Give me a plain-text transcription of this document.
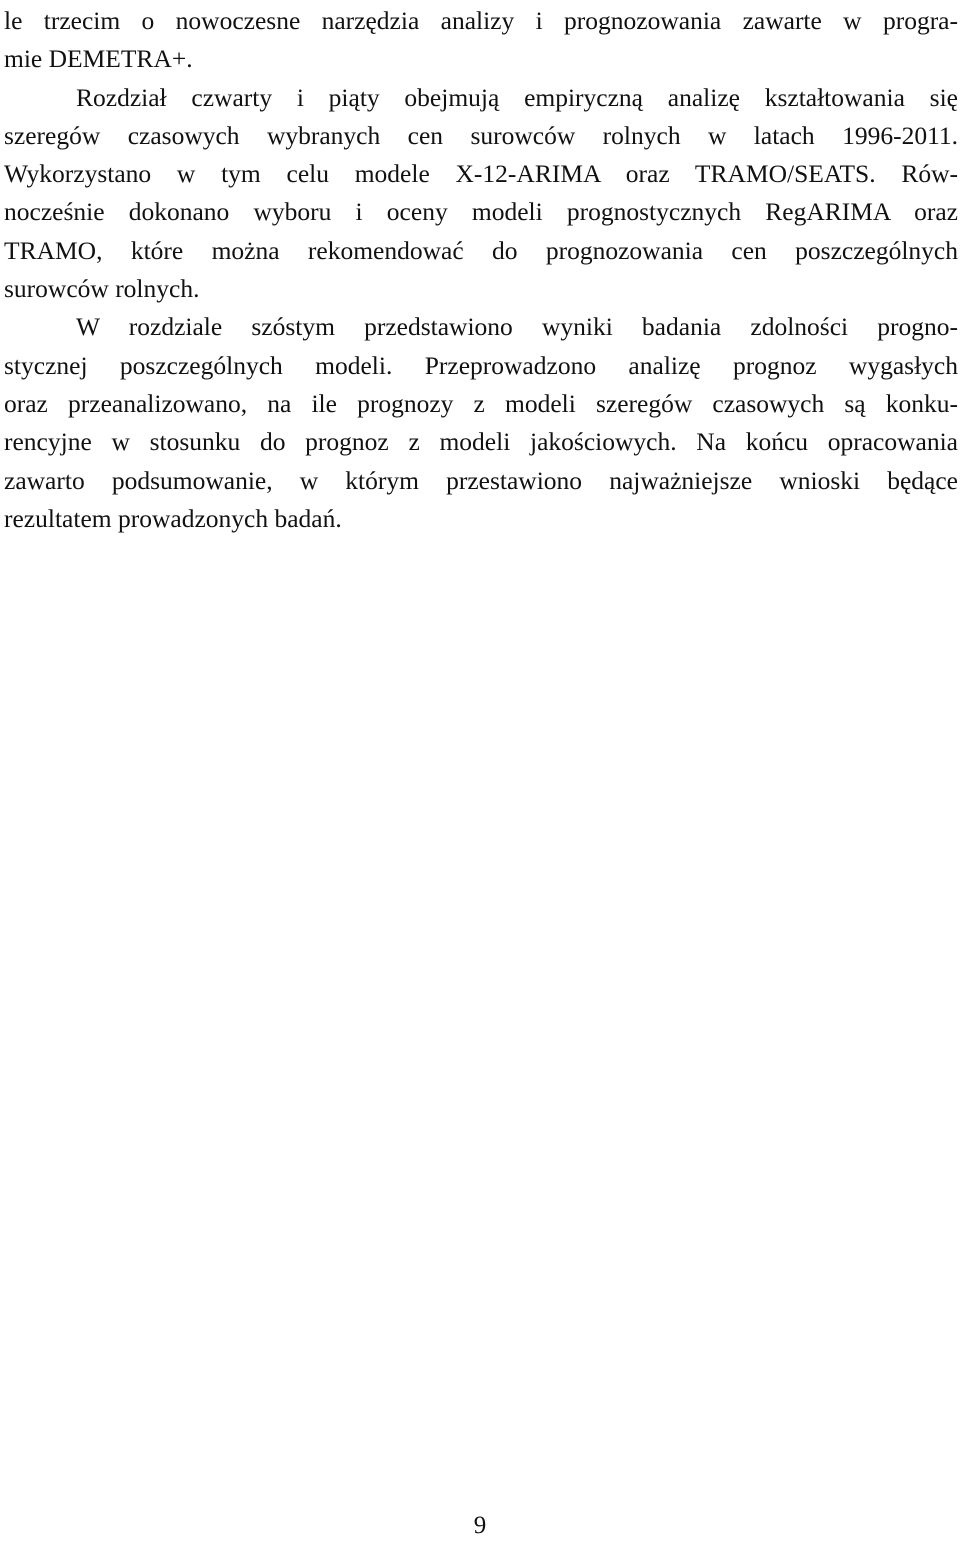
le trzecim o nowoczesne narzędzia analizy i prognozowania zawarte w progra-
mie DEMETRA+.
Rozdział czwarty i piąty obejmują empiryczną analizę kształtowania się
szeregów czasowych wybranych cen surowców rolnych w latach 1996-2011.
Wykorzystano w tym celu modele X-12-ARIMA oraz TRAMO/SEATS. Rów-
nocześnie dokonano wyboru i oceny modeli prognostycznych RegARIMA oraz
TRAMO, które można rekomendować do prognozowania cen poszczególnych
surowców rolnych.
W rozdziale szóstym przedstawiono wyniki badania zdolności progno-
stycznej poszczególnych modeli. Przeprowadzono analizę prognoz wygasłych
oraz przeanalizowano, na ile prognozy z modeli szeregów czasowych są konku-
rencyjne w stosunku do prognoz z modeli jakościowych. Na końcu opracowania
zawarto podsumowanie, w którym przestawiono najważniejsze wnioski będące
rezultatem prowadzonych badań.
9
